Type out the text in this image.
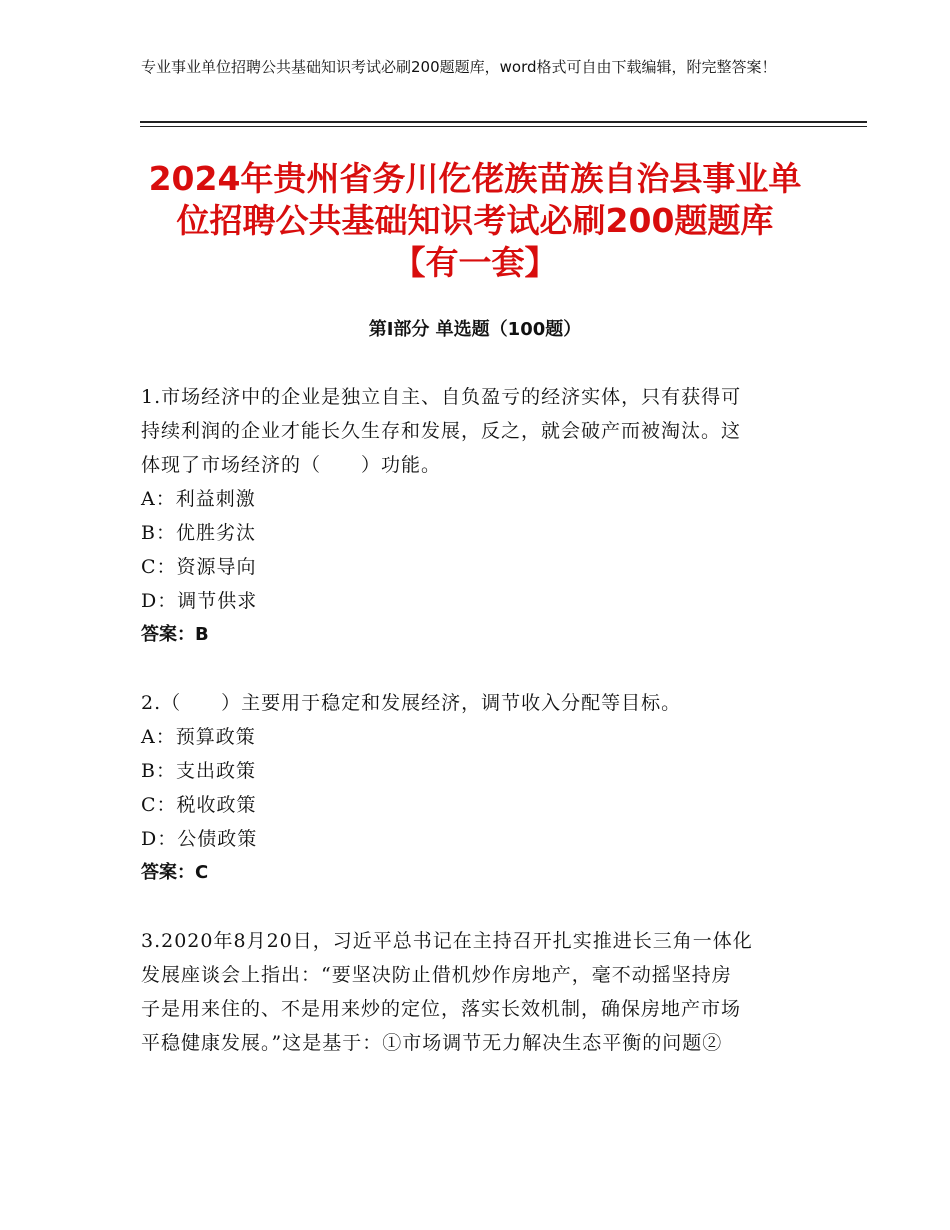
专业事业单位招聘公共基础知识考试必刷200题题库，word格式可自由下载编辑，附完整答案！
2024年贵州省务川仡佬族苗族自治县事业单
位招聘公共基础知识考试必刷200题题库
【有一套】
第Ⅰ部分 单选题（100题）
1.市场经济中的企业是独立自主、自负盈亏的经济实体，只有获得可
持续利润的企业才能长久生存和发展，反之，就会破产而被淘汰。这
体现了市场经济的（　　）功能。
A：利益刺激
B：优胜劣汰
C：资源导向
D：调节供求
答案：B
2.（　　）主要用于稳定和发展经济，调节收入分配等目标。
A：预算政策
B：支出政策
C：税收政策
D：公债政策
答案：C
3.2020年8月20日，习近平总书记在主持召开扎实推进长三角一体化
发展座谈会上指出：“要坚决防止借机炒作房地产，毫不动摇坚持房
子是用来住的、不是用来炒的定位，落实长效机制，确保房地产市场
平稳健康发展。”这是基于：①市场调节无力解决生态平衡的问题②
